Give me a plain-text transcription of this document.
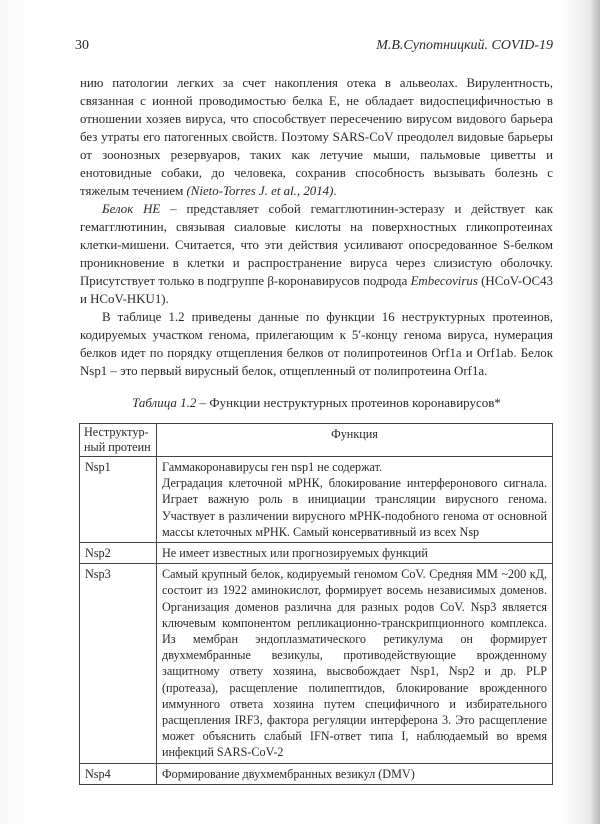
30	М.В.Супотницкий. COVID-19

нию патологии легких за счет накопления отека в альвеолах. Вирулентность, связанная с ионной проводимостью белка Е, не обладает видоспецифичностью в отношении хозяев вируса, что способствует пересечению вирусом видового барьера без утраты его патогенных свойств. Поэтому SARS-CoV преодолел видовые барьеры от зоонозных резервуаров, таких как летучие мыши, пальмовые циветты и енотовидные собаки, до человека, сохранив способность вызывать болезнь с тяжелым течением (Nieto-Torres J. et al., 2014).

Белок HE – представляет собой гемагглютинин-эстеразу и действует как гемагглютинин, связывая сиаловые кислоты на поверхностных гликопротеинах клетки-мишени. Считается, что эти действия усиливают опосредованное S-белком проникновение в клетки и распространение вируса через слизистую оболочку. Присутствует только в подгруппе β-коронавирусов подрода Embecovirus (HCoV-OC43 и HCoV-HKU1).

В таблице 1.2 приведены данные по функции 16 неструктурных протеинов, кодируемых участком генома, прилегающим к 5′-концу генома вируса, нумерация белков идет по порядку отщепления белков от полипротеинов Orf1a и Orf1ab. Белок Nsp1 – это первый вирусный белок, отщепленный от полипротеина Orf1a.

Таблица 1.2 – Функции неструктурных протеинов коронавирусов*
Неструктур-
ный протеин	Функция
Nsp1	Гаммакоронавирусы ген nsp1 не содержат.
Деградация клеточной мРНК, блокирование интерферонового сигнала. Играет важную роль в инициации трансляции вирусного генома. Участвует в различении вирусного мРНК-подобного генома от основной массы клеточных мРНК. Самый консервативный из всех Nsp
Nsp2	Не имеет известных или прогнозируемых функций
Nsp3	Самый крупный белок, кодируемый геномом CoV. Средняя ММ ~200 кД, состоит из 1922 аминокислот, формирует восемь независимых доменов. Организация доменов различна для разных родов CoV. Nsp3 является ключевым компонентом репликационно-транскрипционного комплекса. Из мембран эндоплазматического ретикулума он формирует двухмембранные везикулы, противодействующие врожденному защитному ответу хозяина, высвобождает Nsp1, Nsp2 и др. PLP (протеаза), расщепление полипептидов, блокирование врожденного иммунного ответа хозяина путем специфичного и избирательного расщепления IRF3, фактора регуляции интерферона 3. Это расщепление может объяснить слабый IFN-ответ типа I, наблюдаемый во время инфекций SARS-CoV-2
Nsp4	Формирование двухмембранных везикул (DMV)
